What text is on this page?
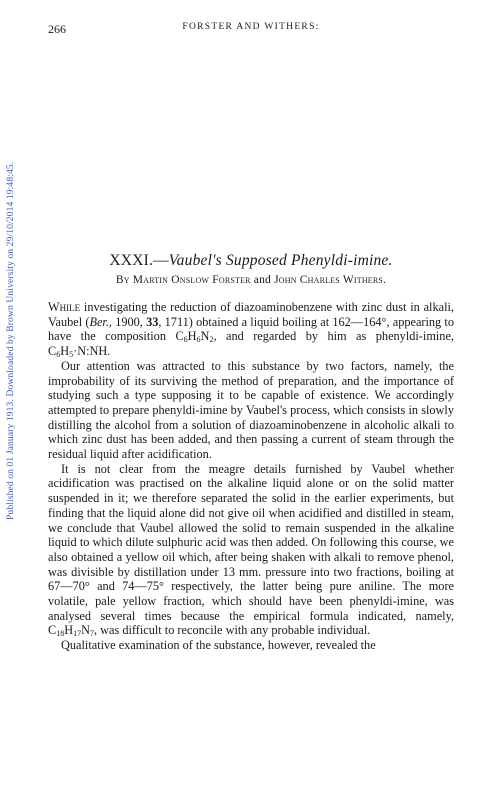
Published on 01 January 1913. Downloaded by Brown University on 29/10/2014 19:48:45.
266	FORSTER AND WITHERS:
XXXI.—Vaubel's Supposed Phenyldi-imine.
By Martin Onslow Forster and John Charles Withers.

While investigating the reduction of diazoaminobenzene with zinc dust in alkali, Vaubel (Ber., 1900, 33, 1711) obtained a liquid boiling at 162—164°, appearing to have the composition $C_6H_6N_2$, and regarded by him as phenyldi-imine, $C_6H_5\cdot N:NH$.

Our attention was attracted to this substance by two factors, namely, the improbability of its surviving the method of preparation, and the importance of studying such a type supposing it to be capable of existence. We accordingly attempted to prepare phenyldi-imine by Vaubel's process, which consists in slowly distilling the alcohol from a solution of diazoaminobenzene in alcoholic alkali to which zinc dust has been added, and then passing a current of steam through the residual liquid after acidification.

It is not clear from the meagre details furnished by Vaubel whether acidification was practised on the alkaline liquid alone or on the solid matter suspended in it; we therefore separated the solid in the earlier experiments, but finding that the liquid alone did not give oil when acidified and distilled in steam, we conclude that Vaubel allowed the solid to remain suspended in the alkaline liquid to which dilute sulphuric acid was then added. On following this course, we also obtained a yellow oil which, after being shaken with alkali to remove phenol, was divisible by distillation under 13 mm. pressure into two fractions, boiling at 67—70° and 74—75° respectively, the latter being pure aniline. The more volatile, pale yellow fraction, which should have been phenyldi-imine, was analysed several times because the empirical formula indicated, namely, $C_{18}H_{17}N_7$, was difficult to reconcile with any probable individual.

Qualitative examination of the substance, however, revealed the
